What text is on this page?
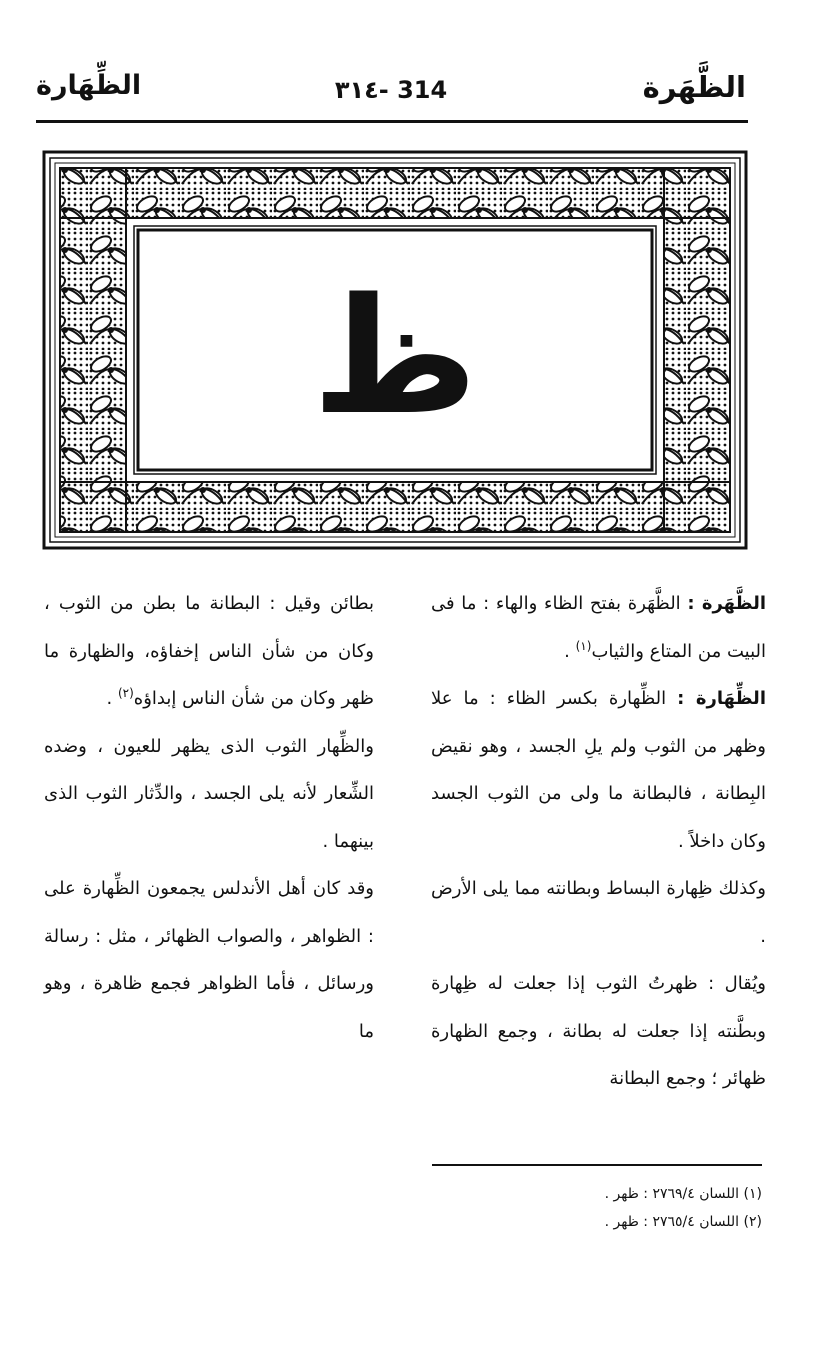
الظِّهَارة	٣١٤- 314	الظَّهَرة
ظ

الظَّهَرة : الظَّهَرة بفتح الظاء والهاء : ما فى البيت من المتاع والثياب$^{(١)}$ .

الظِّهَارة : الظِّهارة بكسر الظاء : ما علا وظهر من الثوب ولم يلِ الجسد ، وهو نقيض البِطانة ، فالبطانة ما ولى من الثوب الجسد وكان داخلاً .

وكذلك ظِهارة البساط وبطانته مما يلى الأرض .

ويُقال : ظهرتُ الثوب إذا جعلت له ظِهارة وبطَّنته إذا جعلت له بطانة ، وجمع الظهارة ظهائر ؛ وجمع البطانة

بطائن وقيل : البطانة ما بطن من الثوب ، وكان من شأن الناس إخفاؤه، والظهارة ما ظهر وكان من شأن الناس إبداؤه$^{(٢)}$ .

والظِّهار الثوب الذى يظهر للعيون ، وضده الشِّعار لأنه يلى الجسد ، والدِّثار الثوب الذى بينهما .

وقد كان أهل الأندلس يجمعون الظِّهارة على : الظواهر ، والصواب الظهائر ، مثل : رسالة ورسائل ، فأما الظواهر فجمع ظاهرة ، وهو ما

(١) اللسان ٢٧٦٩/٤ : ظهر .
(٢) اللسان ٢٧٦٥/٤ : ظهر .
